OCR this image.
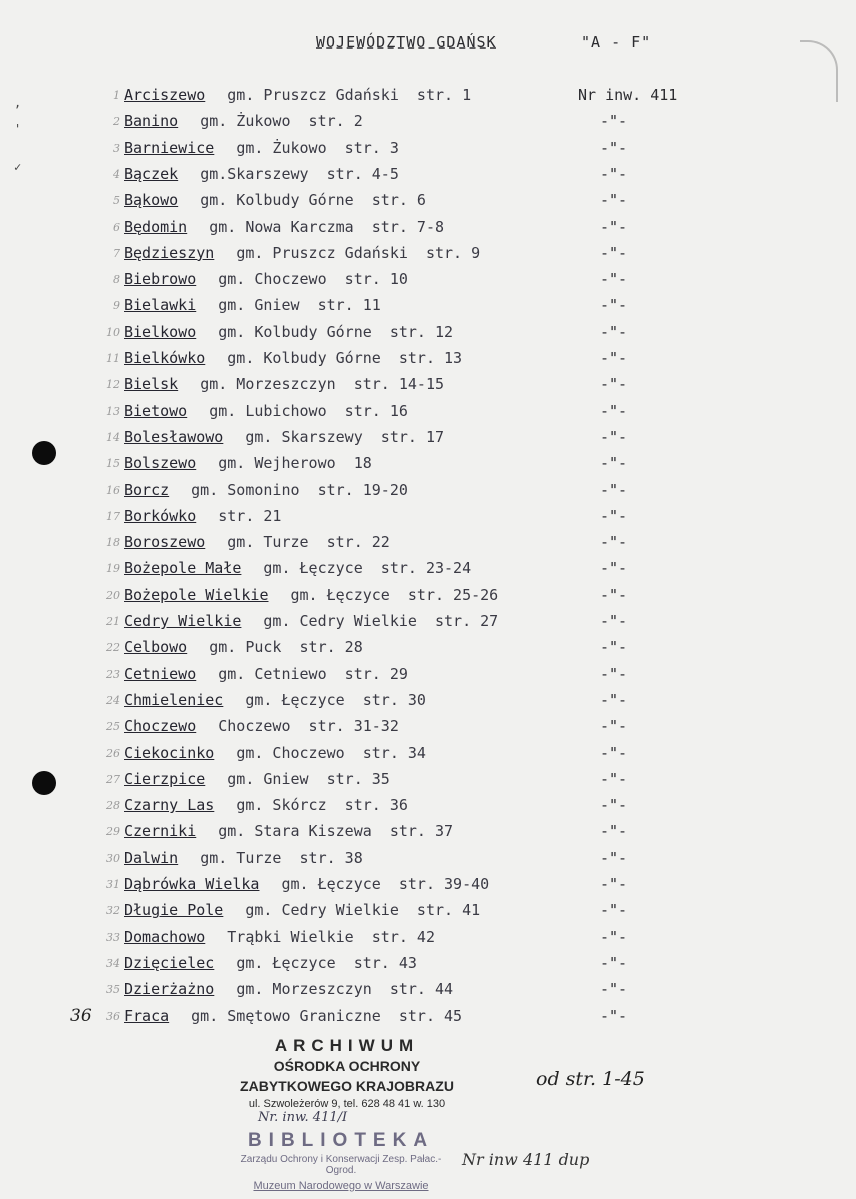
WOJEWÓDZTWO GDAŃSK	"A - F"
,
'
✓
1 Arciszewo gm. Pruszcz Gdański  str. 1	Nr inw. 411
2 Banino gm. Żukowo  str. 2	-"-
3 Barniewice gm. Żukowo  str. 3	-"-
4 Bączek gm.Skarszewy  str. 4-5	-"-
5 Bąkowo gm. Kolbudy Górne  str. 6	-"-
6 Będomin gm. Nowa Karczma  str. 7-8	-"-
7 Będzieszyn gm. Pruszcz Gdański  str. 9	-"-
8 Biebrowo gm. Choczewo  str. 10	-"-
9 Bielawki gm. Gniew  str. 11	-"-
10 Bielkowo gm. Kolbudy Górne  str. 12	-"-
11 Bielkówko gm. Kolbudy Górne  str. 13	-"-
12 Bielsk gm. Morzeszczyn  str. 14-15	-"-
13 Bietowo gm. Lubichowo  str. 16	-"-
14 Bolesławowo gm. Skarszewy  str. 17	-"-
15 Bolszewo gm. Wejherowo  18	-"-
16 Borcz gm. Somonino  str. 19-20	-"-
17 Borkówko str. 21	-"-
18 Boroszewo gm. Turze  str. 22	-"-
19 Bożepole Małe gm. Łęczyce  str. 23-24	-"-
20 Bożepole Wielkie gm. Łęczyce  str. 25-26	-"-
21 Cedry Wielkie gm. Cedry Wielkie  str. 27	-"-
22 Celbowo gm. Puck  str. 28	-"-
23 Cetniewo gm. Cetniewo  str. 29	-"-
24 Chmieleniec gm. Łęczyce  str. 30	-"-
25 Choczewo Choczewo  str. 31-32	-"-
26 Ciekocinko gm. Choczewo  str. 34	-"-
27 Cierzpice gm. Gniew  str. 35	-"-
28 Czarny Las gm. Skórcz  str. 36	-"-
29 Czerniki gm. Stara Kiszewa  str. 37	-"-
30 Dalwin gm. Turze  str. 38	-"-
31 Dąbrówka Wielka gm. Łęczyce  str. 39-40	-"-
32 Długie Pole gm. Cedry Wielkie  str. 41	-"-
33 Domachowo Trąbki Wielkie  str. 42	-"-
34 Dzięcielec gm. Łęczyce  str. 43	-"-
35 Dzierżażno gm. Morzeszczyn  str. 44	-"-
36 Fraca gm. Smętowo Graniczne  str. 45	-"-
36
ARCHIWUM
OŚRODKA OCHRONY
ZABYTKOWEGO KRAJOBRAZU
ul. Szwoleżerów 9, tel. 628 48 41 w. 130
od str. 1-45
Nr. inw. 411/I
BIBLIOTEKA
Zarządu Ochrony i Konserwacji Zesp. Pałac.-Ogrod.
Muzeum Narodowego w Warszawie
Nr inw 411 dup
